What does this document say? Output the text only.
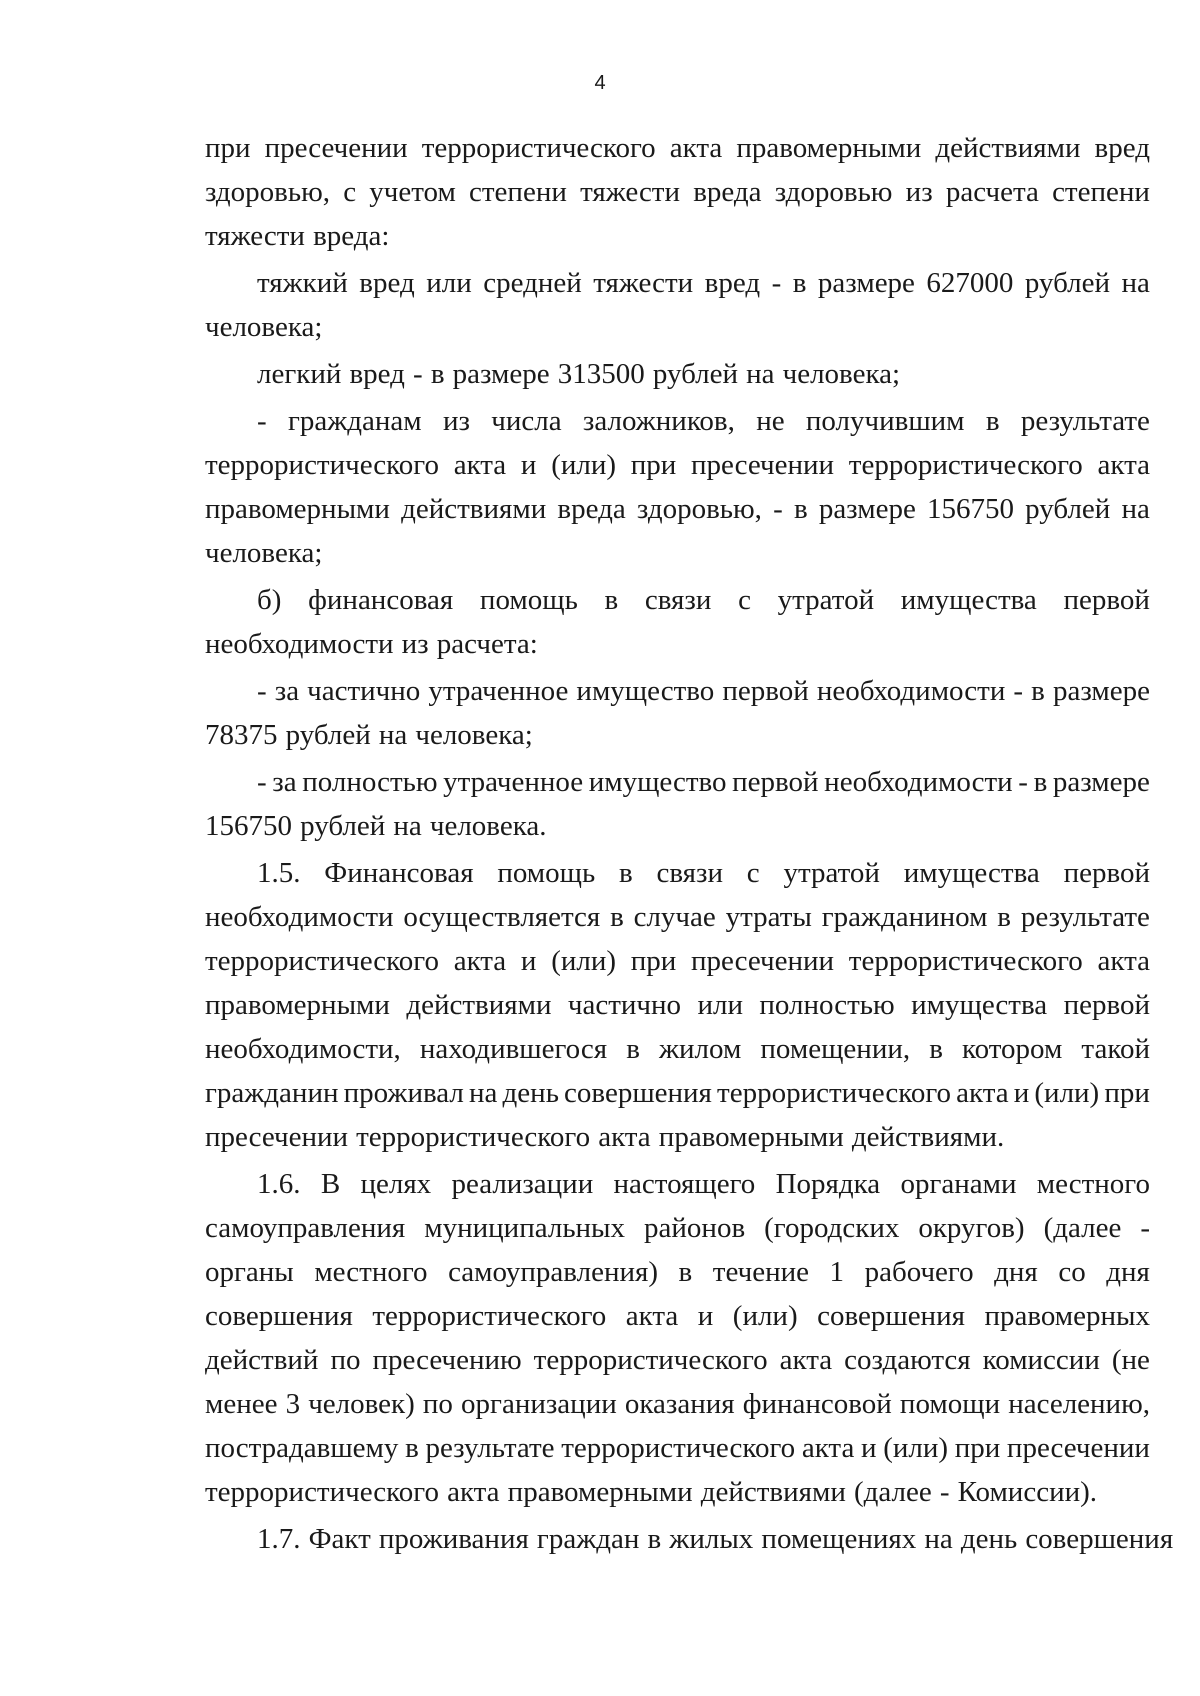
4
при пресечении террористического акта правомерными действиями вред
здоровью, с учетом степени тяжести вреда здоровью из расчета степени
тяжести вреда:
тяжкий вред или средней тяжести вред - в размере 627000 рублей на
человека;
легкий вред - в размере 313500 рублей на человека;
- гражданам из числа заложников, не получившим в результате
террористического акта и (или) при пресечении террористического акта
правомерными действиями вреда здоровью, - в размере 156750 рублей на
человека;
б) финансовая помощь в связи с утратой имущества первой
необходимости из расчета:
- за частично утраченное имущество первой необходимости - в размере
78375 рублей на человека;
- за полностью утраченное имущество первой необходимости - в размере
156750 рублей на человека.
1.5. Финансовая помощь в связи с утратой имущества первой
необходимости осуществляется в случае утраты гражданином в результате
террористического акта и (или) при пресечении террористического акта
правомерными действиями частично или полностью имущества первой
необходимости, находившегося в жилом помещении, в котором такой
гражданин проживал на день совершения террористического акта и (или) при
пресечении террористического акта правомерными действиями.
1.6. В целях реализации настоящего Порядка органами местного
самоуправления муниципальных районов (городских округов) (далее -
органы местного самоуправления) в течение 1 рабочего дня со дня
совершения террористического акта и (или) совершения правомерных
действий по пресечению террористического акта создаются комиссии (не
менее 3 человек) по организации оказания финансовой помощи населению,
пострадавшему в результате террористического акта и (или) при пресечении
террористического акта правомерными действиями (далее - Комиссии).
1.7. Факт проживания граждан в жилых помещениях на день совершения
